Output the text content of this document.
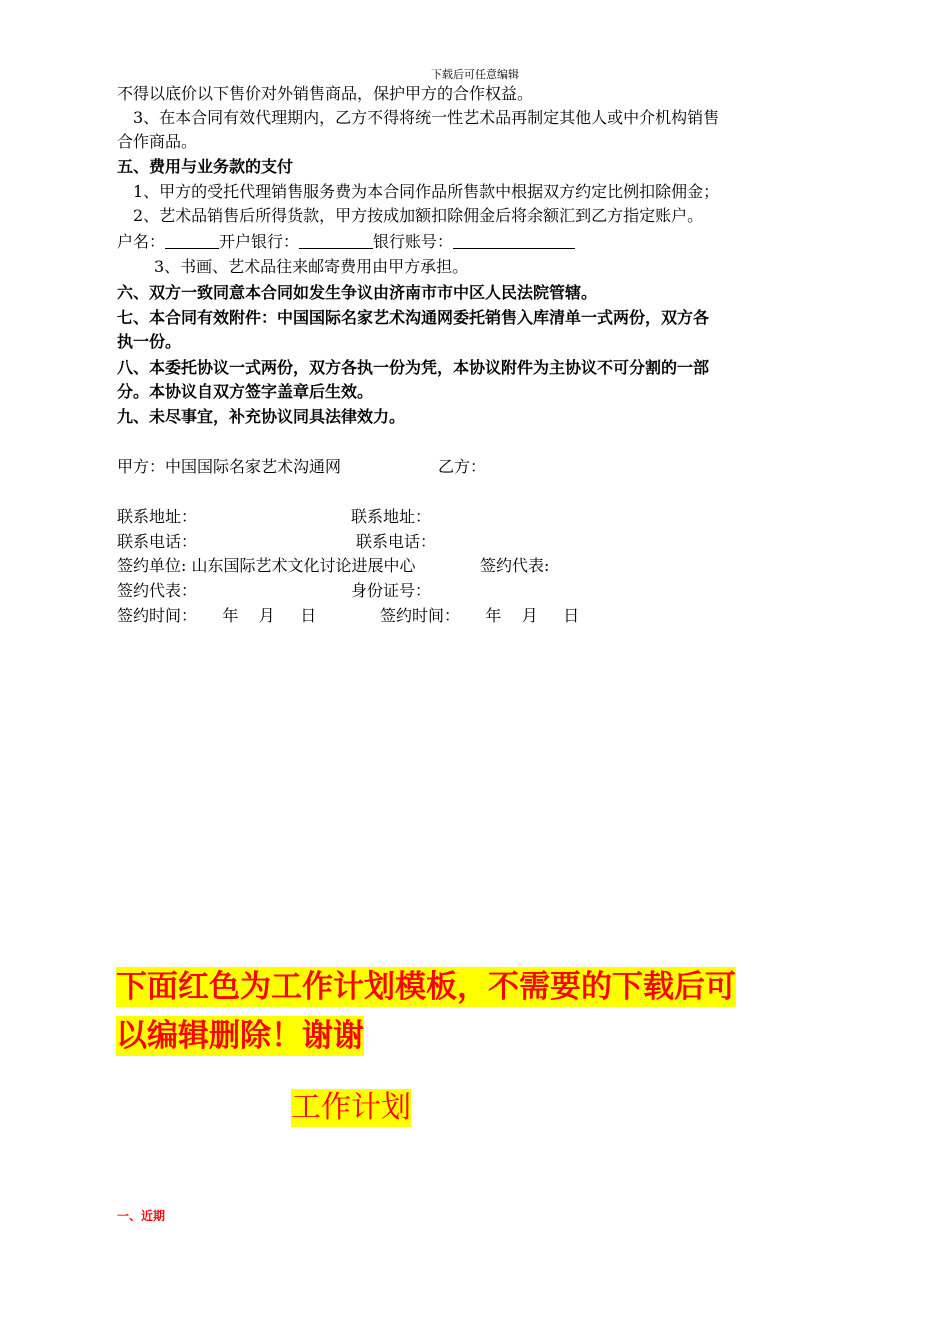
下载后可任意编辑
不得以底价以下售价对外销售商品，保护甲方的合作权益。
3、在本合同有效代理期内，乙方不得将统一性艺术品再制定其他人或中介机构销售
合作商品。
五、费用与业务款的支付
1、甲方的受托代理销售服务费为本合同作品所售款中根据双方约定比例扣除佣金；
2、艺术品销售后所得货款，甲方按成加额扣除佣金后将余额汇到乙方指定账户。
户名：	开户银行：	银行账号：
3、书画、艺术品往来邮寄费用由甲方承担。
六、双方一致同意本合同如发生争议由济南市市中区人民法院管辖。
七、本合同有效附件：中国国际名家艺术沟通网委托销售入库清单一式两份，双方各
执一份。
八、本委托协议一式两份，双方各执一份为凭，本协议附件为主协议不可分割的一部
分。本协议自双方签字盖章后生效。
九、未尽事宜，补充协议同具法律效力。
甲方：中国国际名家艺术沟通网	乙方：
联系地址：	联系地址：
联系电话：	联系电话：
签约单位: 山东国际艺术文化讨论进展中心	签约代表:
签约代表：	身份证号：
签约时间：     年    月     日	签约时间：     年    月     日
下面红色为工作计划模板，不需要的下载后可
以编辑删除！谢谢
工作计划
一、近期
